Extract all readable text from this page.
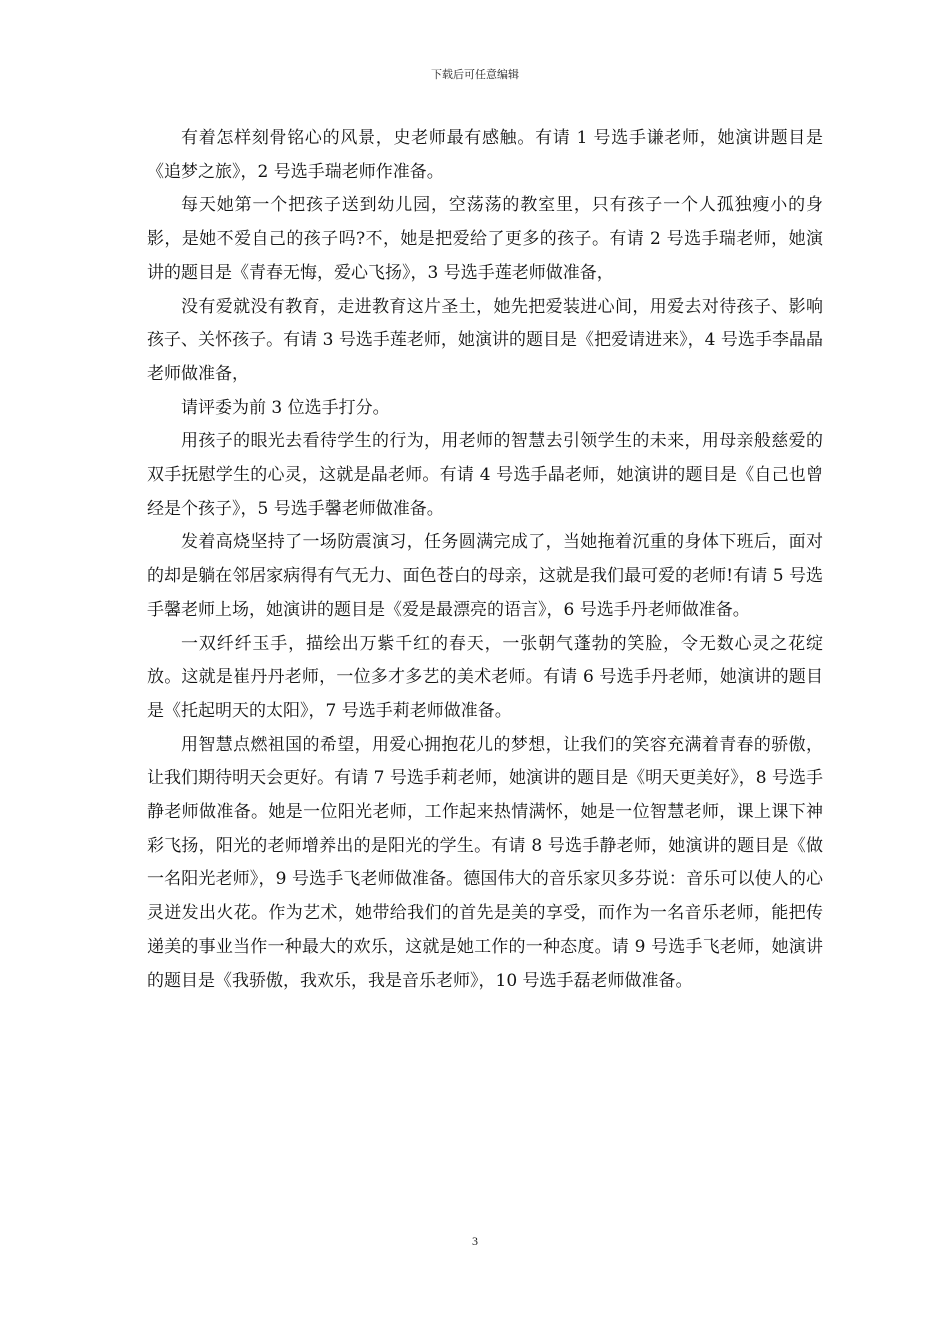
下载后可任意编辑

有着怎样刻骨铭心的风景，史老师最有感触。有请 1 号选手谦老师，她演讲题目是《追梦之旅》，2 号选手瑞老师作准备。

每天她第一个把孩子送到幼儿园，空荡荡的教室里，只有孩子一个人孤独瘦小的身影，是她不爱自己的孩子吗?不，她是把爱给了更多的孩子。有请 2 号选手瑞老师，她演讲的题目是《青春无悔，爱心飞扬》，3 号选手莲老师做准备，

没有爱就没有教育，走进教育这片圣土，她先把爱装进心间，用爱去对待孩子、影响孩子、关怀孩子。有请 3 号选手莲老师，她演讲的题目是《把爱请进来》，4 号选手李晶晶老师做准备，

请评委为前 3 位选手打分。

用孩子的眼光去看待学生的行为，用老师的智慧去引领学生的未来，用母亲般慈爱的双手抚慰学生的心灵，这就是晶老师。有请 4 号选手晶老师，她演讲的题目是《自己也曾经是个孩子》，5 号选手馨老师做准备。

发着高烧坚持了一场防震演习，任务圆满完成了，当她拖着沉重的身体下班后，面对的却是躺在邻居家病得有气无力、面色苍白的母亲，这就是我们最可爱的老师!有请 5 号选手馨老师上场，她演讲的题目是《爱是最漂亮的语言》，6 号选手丹老师做准备。

一双纤纤玉手，描绘出万紫千红的春天，一张朝气蓬勃的笑脸，令无数心灵之花绽放。这就是崔丹丹老师，一位多才多艺的美术老师。有请 6 号选手丹老师，她演讲的题目是《托起明天的太阳》，7 号选手莉老师做准备。

用智慧点燃祖国的希望，用爱心拥抱花儿的梦想，让我们的笑容充满着青春的骄傲，让我们期待明天会更好。有请 7 号选手莉老师，她演讲的题目是《明天更美好》，8 号选手静老师做准备。她是一位阳光老师，工作起来热情满怀，她是一位智慧老师，课上课下神彩飞扬，阳光的老师增养出的是阳光的学生。有请 8 号选手静老师，她演讲的题目是《做一名阳光老师》，9 号选手飞老师做准备。德国伟大的音乐家贝多芬说：音乐可以使人的心灵迸发出火花。作为艺术，她带给我们的首先是美的享受，而作为一名音乐老师，能把传递美的事业当作一种最大的欢乐，这就是她工作的一种态度。请 9 号选手飞老师，她演讲的题目是《我骄傲，我欢乐，我是音乐老师》，10 号选手磊老师做准备。

3
